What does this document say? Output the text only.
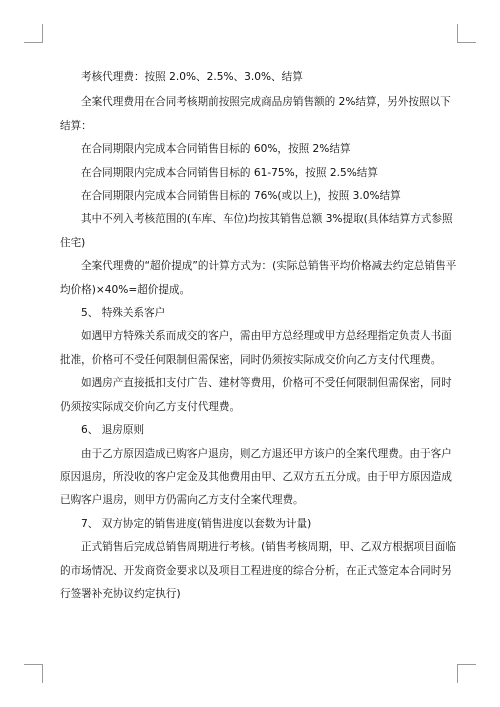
考核代理费：按照 2.0%、2.5%、3.0%、结算

全案代理费用在合同考核期前按照完成商品房销售额的 2%结算，另外按照以下

结算：

在合同期限内完成本合同销售目标的 60%，按照 2%结算

在合同期限内完成本合同销售目标的 61-75%，按照 2.5%结算

在合同期限内完成本合同销售目标的 76%(或以上)，按照 3.0%结算

其中不列入考核范围的(车库、车位)均按其销售总额 3%提取(具体结算方式参照

住宅)

全案代理费的“超价提成”的计算方式为：(实际总销售平均价格减去约定总销售平

均价格)×40%=超价提成。

5、 特殊关系客户

如遇甲方特殊关系而成交的客户，需由甲方总经理或甲方总经理指定负责人书面

批准，价格可不受任何限制但需保密，同时仍须按实际成交价向乙方支付代理费。

如遇房产直接抵扣支付广告、建材等费用，价格可不受任何限制但需保密，同时

仍须按实际成交价向乙方支付代理费。

6、 退房原则

由于乙方原因造成已购客户退房，则乙方退还甲方该户的全案代理费。由于客户

原因退房，所没收的客户定金及其他费用由甲、乙双方五五分成。由于甲方原因造成

已购客户退房，则甲方仍需向乙方支付全案代理费。

7、 双方协定的销售进度(销售进度以套数为计量)

正式销售后完成总销售周期进行考核。(销售考核周期，甲、乙双方根据项目面临

的市场情况、开发商资金要求以及项目工程进度的综合分析，在正式签定本合同时另

行签署补充协议约定执行)
